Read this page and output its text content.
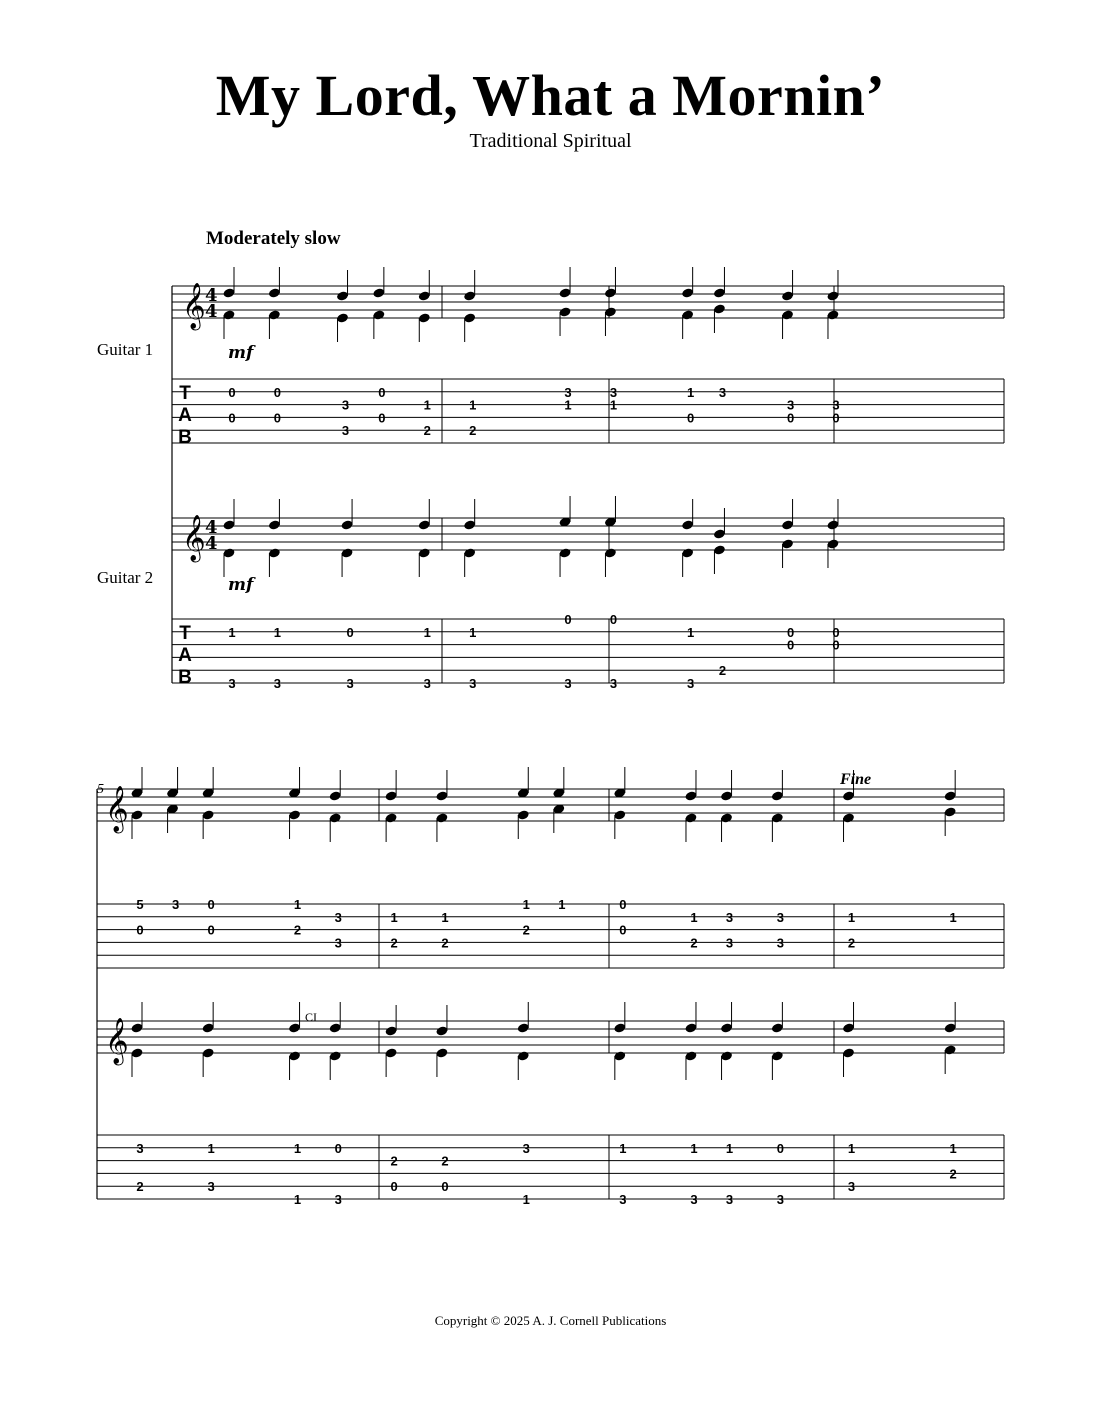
My Lord, What a Mornin’
Traditional Spiritual
Moderately slow
Guitar 1
Guitar 2
Fine
Copyright © 2025 A. J. Cornell Publications
𝄞 4
4
T
A
B
mf
𝄞 4
4
T
A
B
mf
𝄞
𝄞
5
CI
0
0
0
0
3
3
0
0
1
2
1
2
3
1
3
1
1
0
3
3
0
3
0
1
3
1
3
0
3
1
3
1
3
0
3
0
3
1
3
2
0
0
0
0
5
0
3 0
0
1
2
3
3
1
2
1
2
1
2
1	0
0
1
2
3
3
3
3
1
2
1
3
2
1
3
1
1
0
3
2
0
2
0
3
1
1
3
1
3
1
3
0
3
1
3
1
2
